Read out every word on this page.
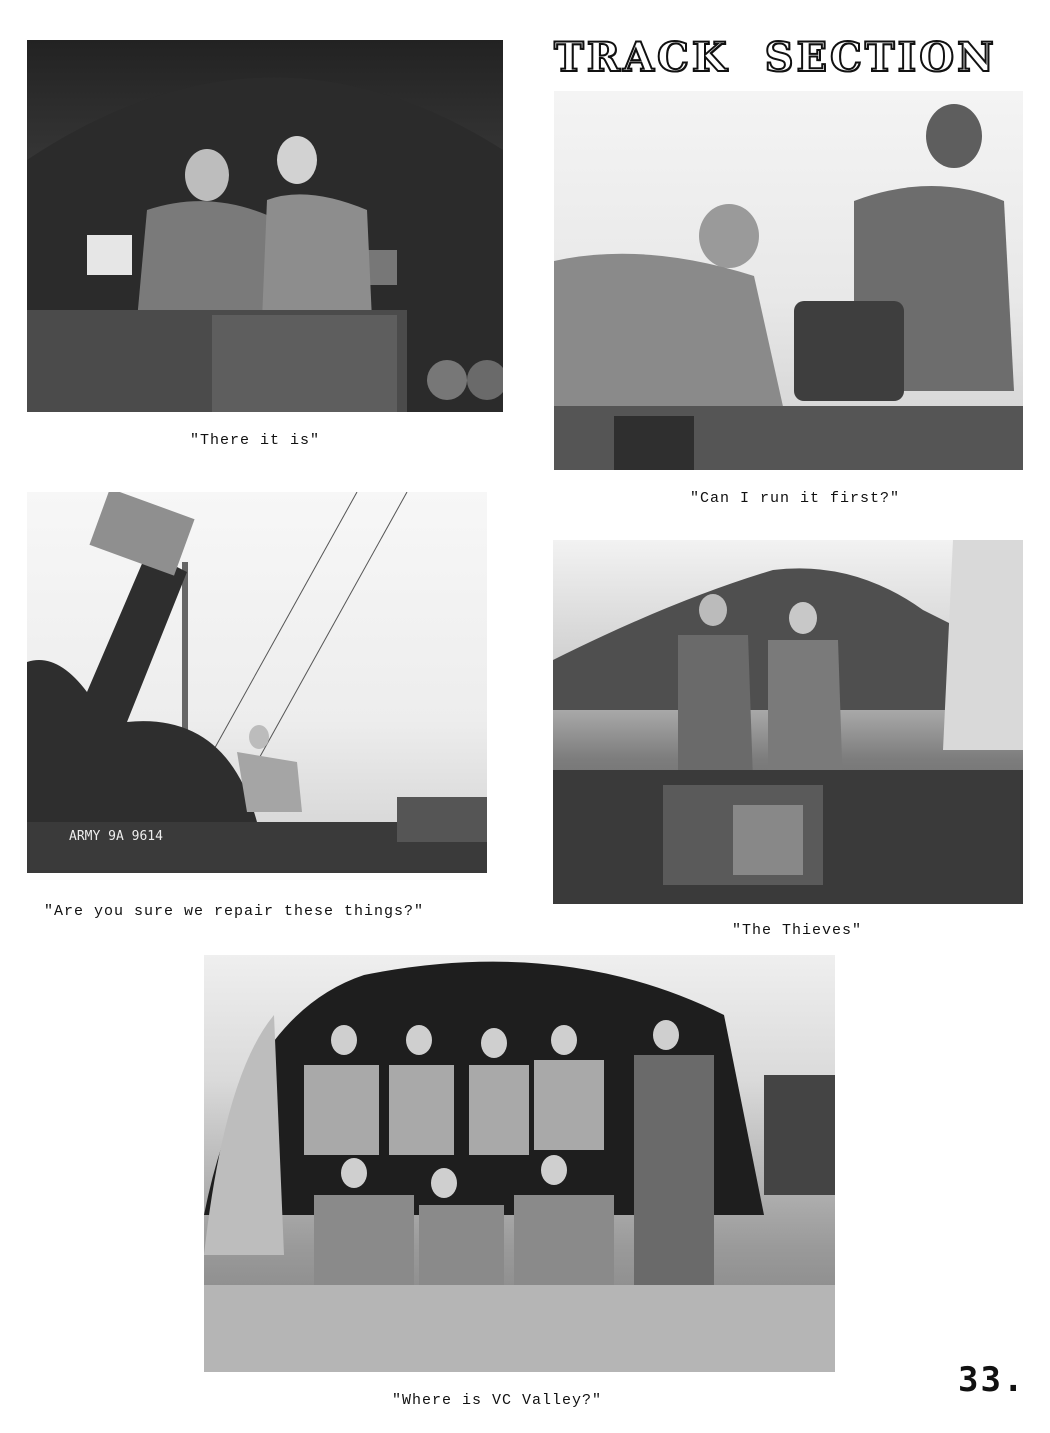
TRACK SECTION
"There it is"
"Can I run it first?"
ARMY 9A 9614
"Are you sure we repair these things?"
"The Thieves"
"Where is VC Valley?"
33.
